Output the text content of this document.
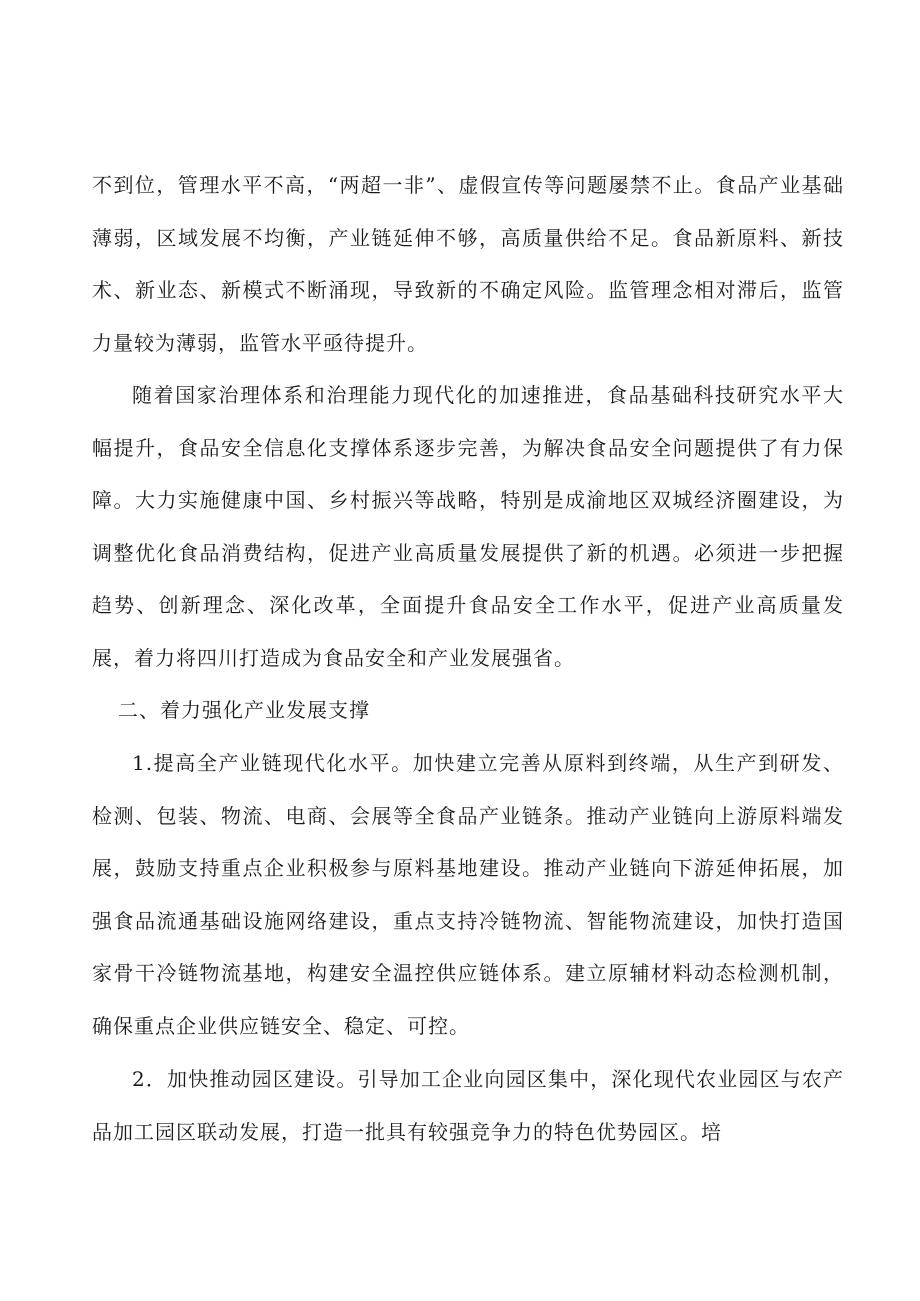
不到位，管理水平不高，“两超一非”、虚假宣传等问题屡禁不止。食品产业基础薄弱，区域发展不均衡，产业链延伸不够，高质量供给不足。食品新原料、新技术、新业态、新模式不断涌现，导致新的不确定风险。监管理念相对滞后，监管力量较为薄弱，监管水平亟待提升。

随着国家治理体系和治理能力现代化的加速推进，食品基础科技研究水平大幅提升，食品安全信息化支撑体系逐步完善，为解决食品安全问题提供了有力保障。大力实施健康中国、乡村振兴等战略，特别是成渝地区双城经济圈建设，为调整优化食品消费结构，促进产业高质量发展提供了新的机遇。必须进一步把握趋势、创新理念、深化改革，全面提升食品安全工作水平，促进产业高质量发展，着力将四川打造成为食品安全和产业发展强省。

二、着力强化产业发展支撑

1.提高全产业链现代化水平。加快建立完善从原料到终端，从生产到研发、检测、包装、物流、电商、会展等全食品产业链条。推动产业链向上游原料端发展，鼓励支持重点企业积极参与原料基地建设。推动产业链向下游延伸拓展，加强食品流通基础设施网络建设，重点支持冷链物流、智能物流建设，加快打造国家骨干冷链物流基地，构建安全温控供应链体系。建立原辅材料动态检测机制，确保重点企业供应链安全、稳定、可控。

2．加快推动园区建设。引导加工企业向园区集中，深化现代农业园区与农产品加工园区联动发展，打造一批具有较强竞争力的特色优势园区。培
